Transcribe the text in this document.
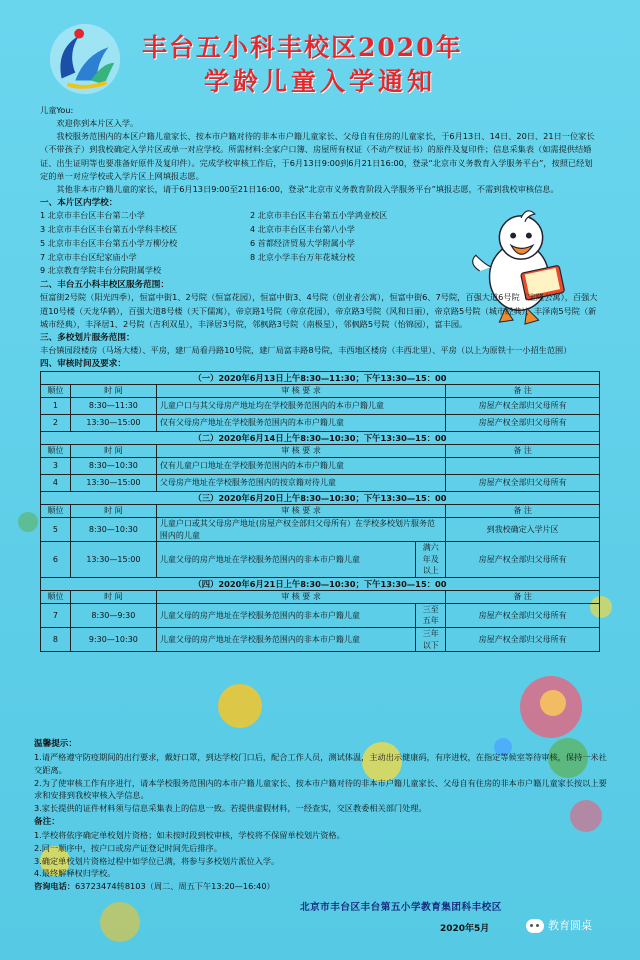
丰台五小科丰校区2020年
学龄儿童入学通知
儿童You:
欢迎你到本片区入学。
我校服务范围内的本区户籍儿童家长、按本市户籍对待的非本市户籍儿童家长、父母自有住房的儿童家长，于6月13日、14日、20日、21日一位家长（不带孩子）到我校确定入学片区或单一对应学校。所需材料:全家户口簿、房屋所有权证（不动产权证书）的原件及复印件；信息采集表（如需提供结婚证、出生证明等也要准备好原件及复印件）。完成学校审核工作后，于6月13日9:00到6月21日16:00，登录“北京市义务教育入学服务平台”，按照已经划定的单一对应学校或入学片区上网填报志愿。
其他非本市户籍儿童的家长，请于6月13日9:00至21日16:00，登录“北京市义务教育阶段入学服务平台”填报志愿，不需到我校审核信息。
一、本片区内学校：
1 北京市丰台区丰台第二小学	2 北京市丰台区丰台第五小学鸿业校区
3 北京市丰台区丰台第五小学科丰校区	4 北京市丰台区丰台第八小学
5 北京市丰台区丰台第五小学万柳分校	6 首都经济贸易大学附属小学
7 北京市丰台区纪家庙小学	8 北京小学丰台万年花城分校
9 北京教育学院丰台分院附属学校
二、丰台五小科丰校区服务范围：
恒富街2号院（阳光四季），恒富中街1、2号院（恒富花园），恒富中街3、4号院（创业者公寓），恒富中街6、7号院，百强大道6号院（宝隆公寓），百强大道10号楼（天龙华鹤），百强大道8号楼（天下儒寓），帝京路1号院（帝京花园），帝京路3号院（风和日丽），帝京路5号院（城市经典），丰泽南5号院（新城市经典），丰泽居1、2号院（吉利双星），丰泽居3号院，邻枫路3号院（南极星），邻枫路5号院（怡锦园），富丰园。
三、多校划片服务范围：
丰台镇园段楼房（马场大楼）、平房，建厂局看丹路10号院，建厂局富丰路8号院，丰西地区楼房（丰西北里）、平房（以上为原铁十一小招生范围）
四、审核时间及要求：
（一）2020年6月13日上午8:30—11:30；下午13:30—15：00				
顺位	时 间	审 核 要 求		备 注
1	8:30—11:30	儿童户口与其父母房产地址均在学校服务范围内的本市户籍儿童		房屋产权全部归父母所有
2	13:30—15:00	仅有父母房产地址在学校服务范围内的本市户籍儿童		房屋产权全部归父母所有
（二）2020年6月14日上午8:30—10:30；下午13:30—15：00				
顺位	时 间	审 核 要 求		备 注
3	8:30—10:30	仅有儿童户口地址在学校服务范围内的本市户籍儿童		
4	13:30—15:00	父母房产地址在学校服务范围内的按京籍对待儿童		房屋产权全部归父母所有
（三）2020年6月20日上午8:30—10:30；下午13:30—15：00				
顺位	时 间	审 核 要 求		备 注
5	8:30—10:30	儿童户口或其父母房产地址(房屋产权全部归父母所有）在学校多校划片服务范围内的儿童		到我校确定入学片区
6	13:30—15:00	儿童父母的房产地址在学校服务范围内的非本市户籍儿童	满六年及以上	房屋产权全部归父母所有
（四）2020年6月21日上午8:30—10:30；下午13:30—15：00				
顺位	时 间	审 核 要 求		备 注
7	8:30—9:30	儿童父母的房产地址在学校服务范围内的非本市户籍儿童	三至五年	房屋产权全部归父母所有
8	9:30—10:30	儿童父母的房产地址在学校服务范围内的非本市户籍儿童	三年以下	房屋产权全部归父母所有
温馨提示：
1.请严格遵守防疫期间的出行要求，戴好口罩，到达学校门口后，配合工作人员，测试体温，主动出示健康码，有序进校，在指定等候室等待审核，保持一米社交距离。
2.为了使审核工作有序进行，请本学校服务范围内的本市户籍儿童家长、按本市户籍对待的非本市户籍儿童家长、父母自有住房的非本市户籍儿童家长按以上要求和安排到我校审核入学信息。
3.家长提供的证件材料须与信息采集表上的信息一致。若提供虚假材料，一经查实，交区教委相关部门处理。
备注：
1.学校将依序确定单校划片资格；如未按时段到校审核，学校将不保留单校划片资格。
2.同一顺序中，按户口或房产证登记时间先后排序。
3.确定单校划片资格过程中如学位已满，将参与多校划片派位入学。
4.最终解释权归学校。
咨询电话：63723474转8103（周二、周五下午13:20—16:40）
北京市丰台区丰台第五小学教育集团科丰校区
2020年5月	教育圆桌
